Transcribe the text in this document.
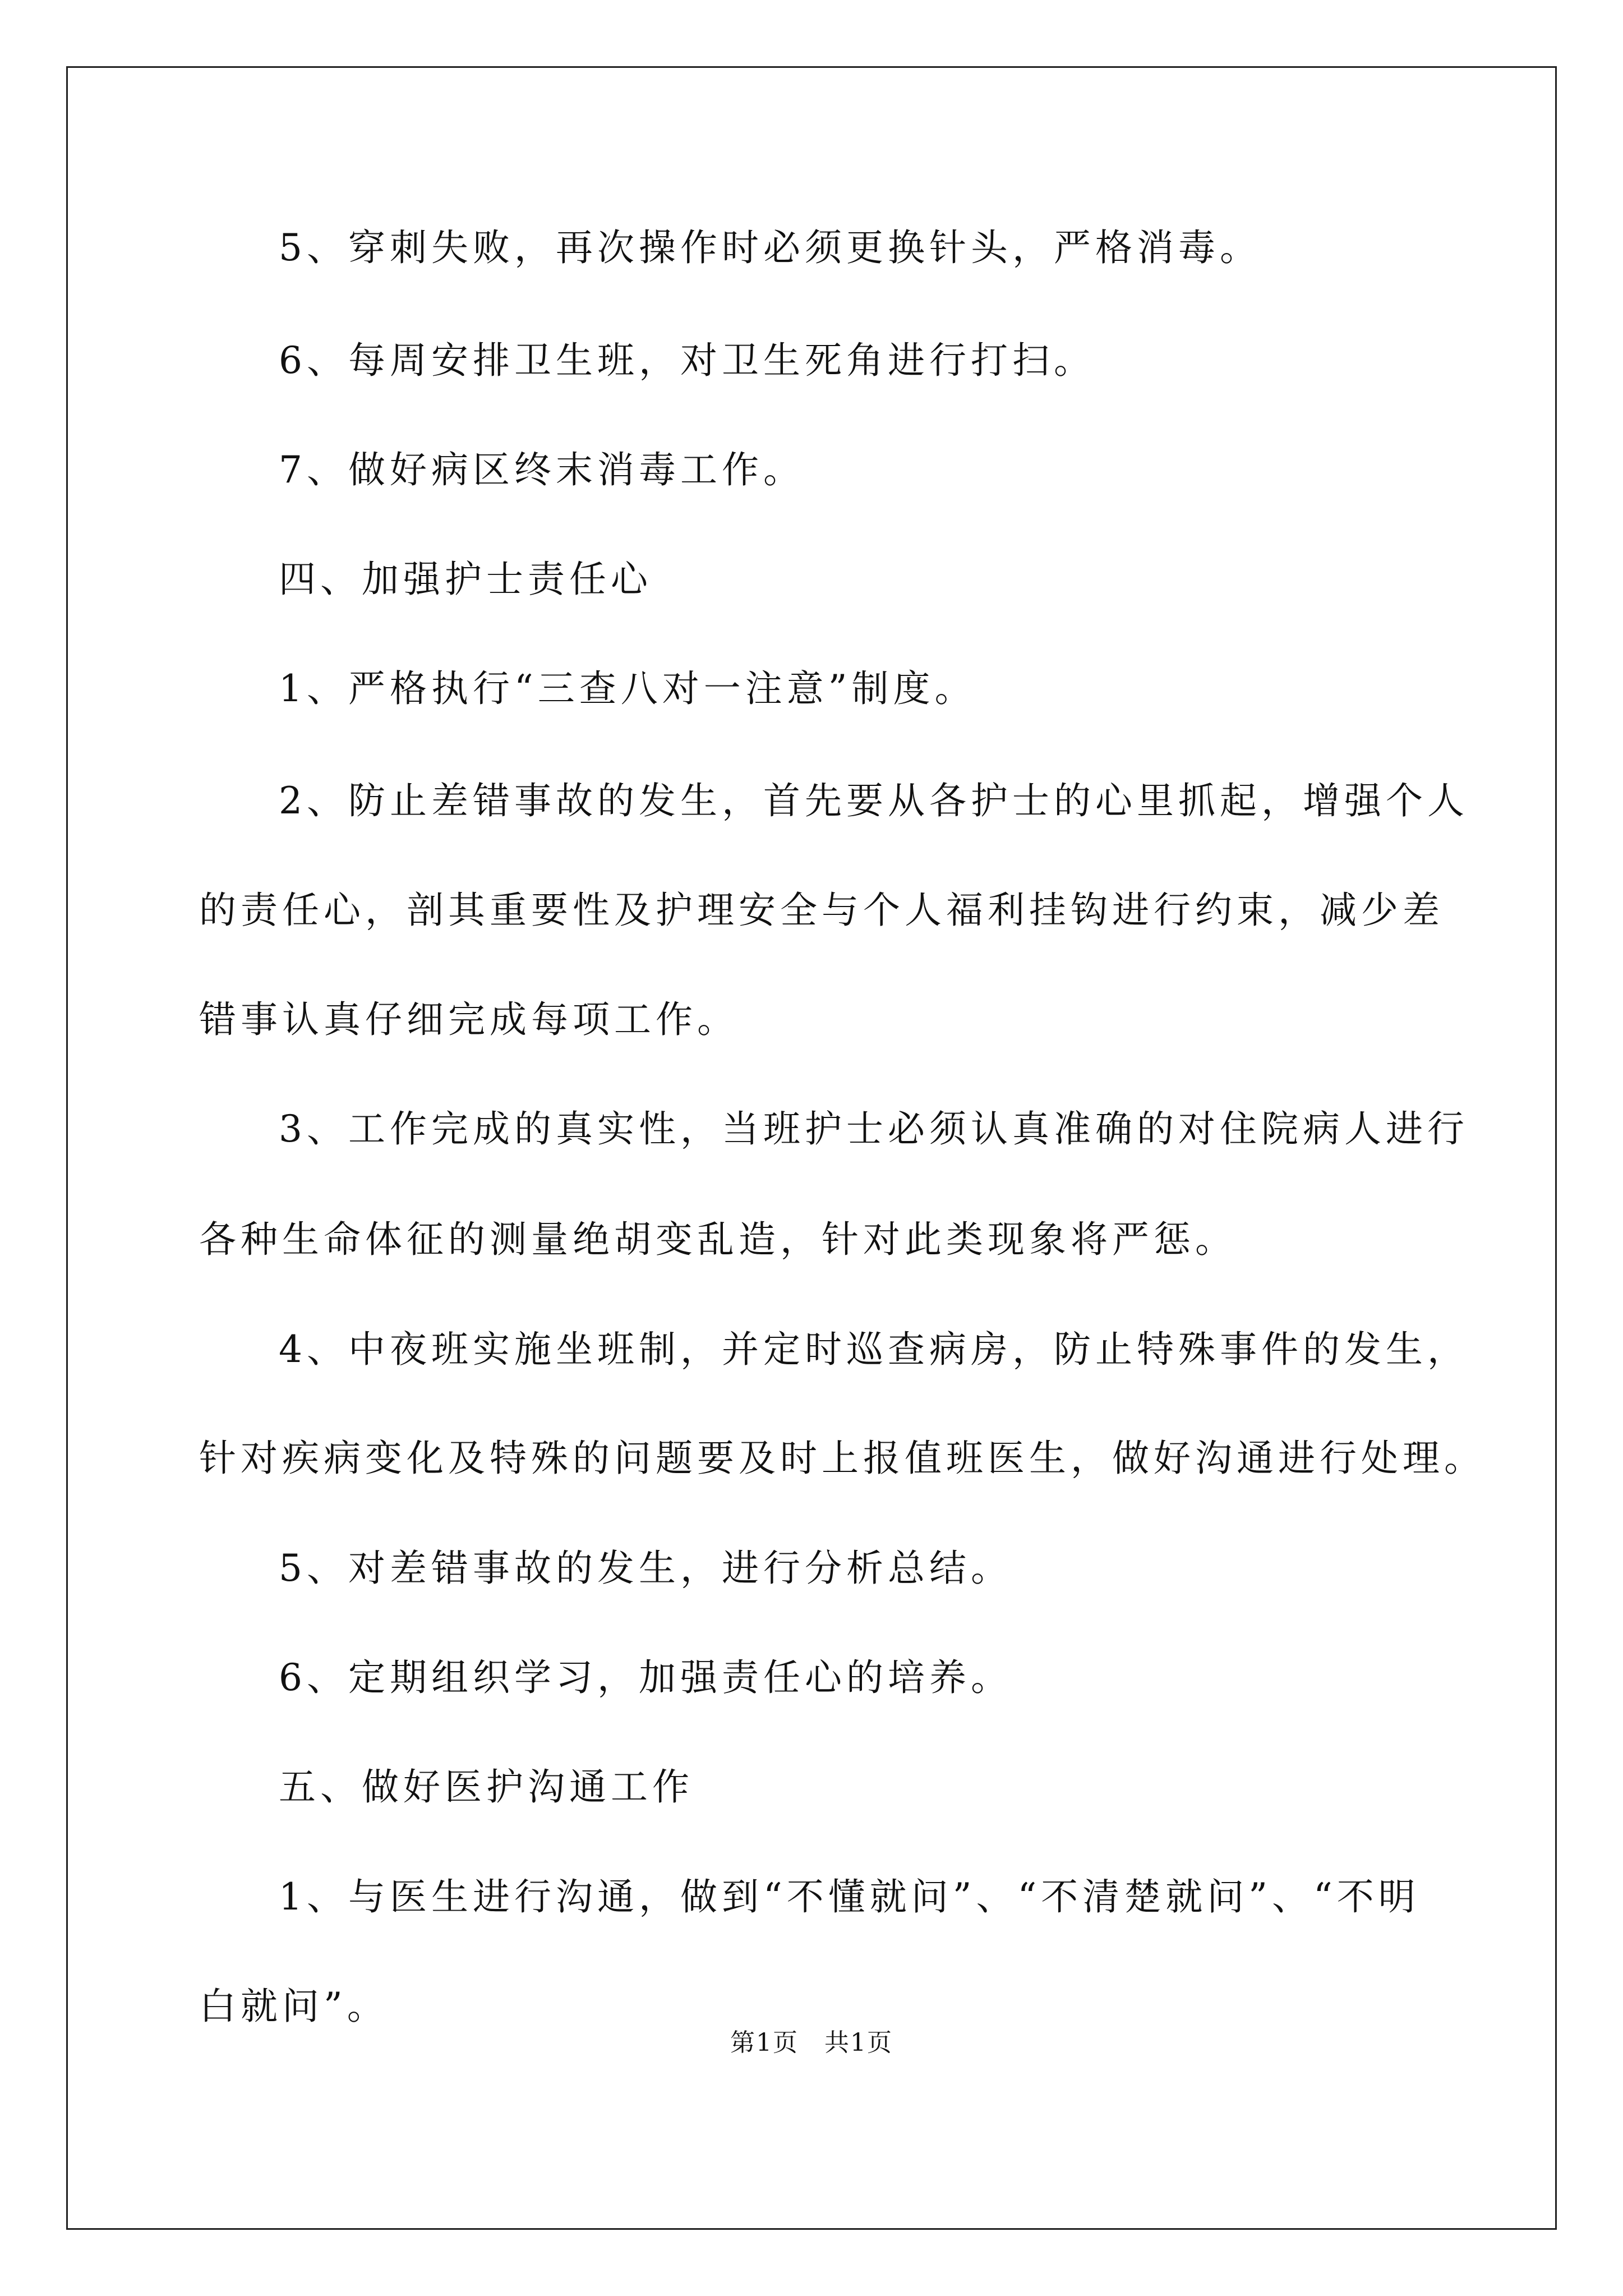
5、穿刺失败，再次操作时必须更换针头，严格消毒。
6、每周安排卫生班，对卫生死角进行打扫。
7、做好病区终末消毒工作。
四、加强护士责任心
1、严格执行“三查八对一注意”制度。
2、防止差错事故的发生，首先要从各护士的心里抓起，增强个人
的责任心，剖其重要性及护理安全与个人福利挂钩进行约束，减少差
错事认真仔细完成每项工作。
3、工作完成的真实性，当班护士必须认真准确的对住院病人进行
各种生命体征的测量绝胡变乱造，针对此类现象将严惩。
4、中夜班实施坐班制，并定时巡查病房，防止特殊事件的发生，
针对疾病变化及特殊的问题要及时上报值班医生，做好沟通进行处理。
5、对差错事故的发生，进行分析总结。
6、定期组织学习，加强责任心的培养。
五、做好医护沟通工作
1、与医生进行沟通，做到“不懂就问”、“不清楚就问”、“不明
白就问”。
第1页　共1页
